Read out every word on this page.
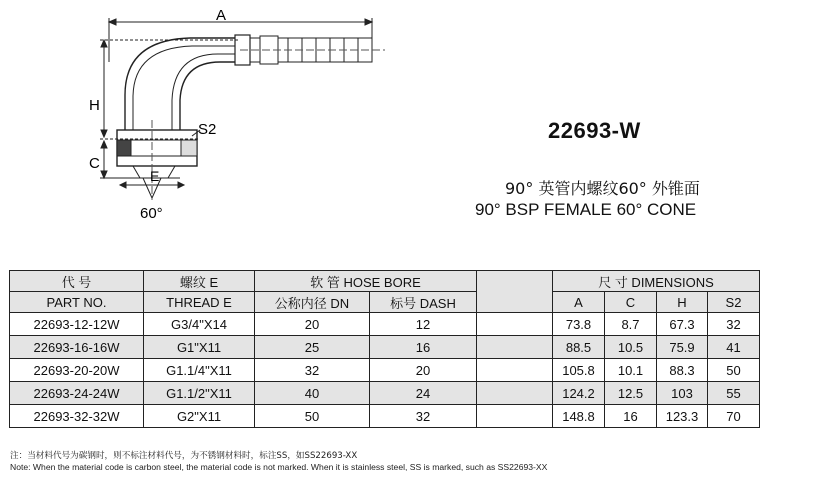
A
H
C
E
S2
60°
22693-W
90° 英管内螺纹60° 外锥面
90° BSP FEMALE 60° CONE
代 号	螺纹 E	软 管 HOSE BORE			尺 寸 DIMENSIONS				
PART NO.	THREAD E	公称内径 DN	标号 DASH		A	C	H	S2	
22693-12-12W	G3/4"X14	20	12		73.8	8.7	67.3	32	
22693-16-16W	G1"X11	25	16		88.5	10.5	75.9	41	
22693-20-20W	G1.1/4"X11	32	20		105.8	10.1	88.3	50	
22693-24-24W	G1.1/2"X11	40	24		124.2	12.5	103	55	
22693-32-32W	G2"X11	50	32		148.8	16	123.3	70	
注：当材料代号为碳钢时，则不标注材料代号，为不锈钢材料时，标注SS，如SS22693-XX
Note: When the material code is carbon steel, the material code is not marked. When it is stainless steel, SS is marked, such as SS22693-XX
